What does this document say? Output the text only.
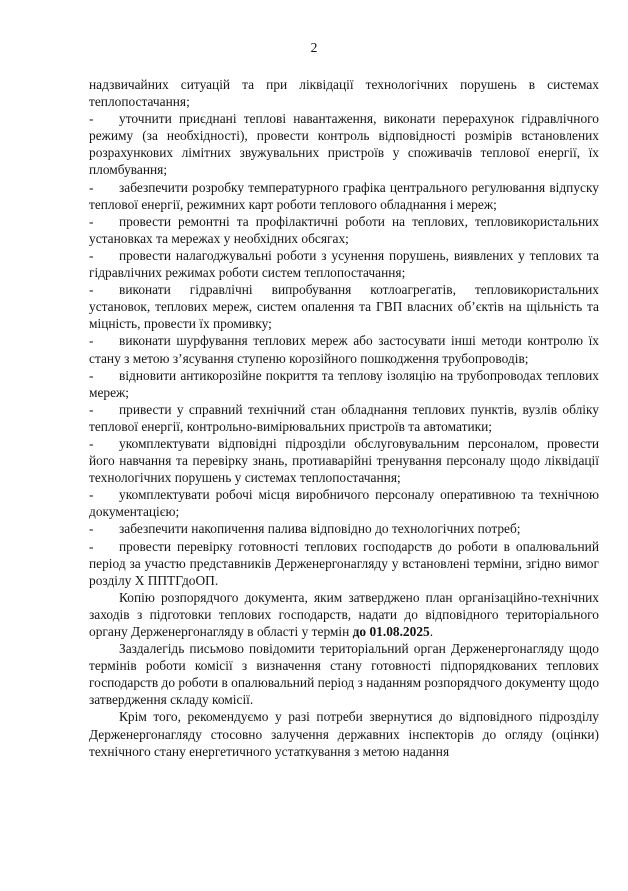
2

надзвичайних ситуацій та при ліквідації технологічних порушень в системах теплопостачання;

- уточнити приєднані теплові навантаження, виконати перерахунок гідравлічного режиму (за необхідності), провести контроль відповідності розмірів встановлених розрахункових лімітних звужувальних пристроїв у споживачів теплової енергії, їх пломбування;

- забезпечити розробку температурного графіка центрального регулювання відпуску теплової енергії, режимних карт роботи теплового обладнання і мереж;

- провести ремонтні та профілактичні роботи на теплових, тепловикористальних установках та мережах у необхідних обсягах;

- провести налагоджувальні роботи з усунення порушень, виявлених у теплових та гідравлічних режимах роботи систем теплопостачання;

- виконати гідравлічні випробування котлоагрегатів, тепловикористальних установок, теплових мереж, систем опалення та ГВП власних об’єктів на щільність та міцність, провести їх промивку;

- виконати шурфування теплових мереж або застосувати інші методи контролю їх стану з метою з’ясування ступеню корозійного пошкодження трубопроводів;

- відновити антикорозійне покриття та теплову ізоляцію на трубопроводах теплових мереж;

- привести у справний технічний стан обладнання теплових пунктів, вузлів обліку теплової енергії, контрольно-вимірювальних пристроїв та автоматики;

- укомплектувати відповідні підрозділи обслуговувальним персоналом, провести його навчання та перевірку знань, протиаварійні тренування персоналу щодо ліквідації технологічних порушень у системах теплопостачання;

- укомплектувати робочі місця виробничого персоналу оперативною та технічною документацією;

- забезпечити накопичення палива відповідно до технологічних потреб;

- провести перевірку готовності теплових господарств до роботи в опалювальний період за участю представників Держенергонагляду у встановлені терміни, згідно вимог розділу X ППТГдоОП.

Копію розпорядчого документа, яким затверджено план організаційно-технічних заходів з підготовки теплових господарств, надати до відповідного територіального органу Держенергонагляду в області у термін до 01.08.2025.

Заздалегідь письмово повідомити територіальний орган Держенергонагляду щодо термінів роботи комісії з визначення стану готовності підпорядкованих теплових господарств до роботи в опалювальний період з наданням розпорядчого документу щодо затвердження складу комісії.

Крім того, рекомендуємо у разі потреби звернутися до відповідного підрозділу Держенергонагляду стосовно залучення державних інспекторів до огляду (оцінки) технічного стану енергетичного устаткування з метою надання
